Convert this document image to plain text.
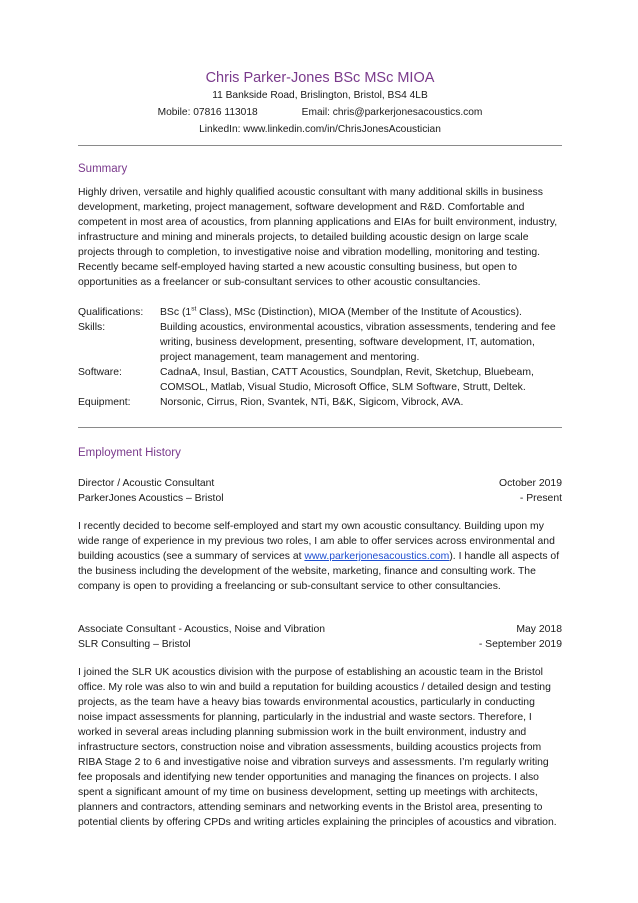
Chris Parker-Jones BSc MSc MIOA
11 Bankside Road, Brislington, Bristol, BS4 4LB
Mobile: 07816 113018	Email: chris@parkerjonesacoustics.com
LinkedIn: www.linkedin.com/in/ChrisJonesAcoustician
Summary
Highly driven, versatile and highly qualified acoustic consultant with many additional skills in business development, marketing, project management, software development and R&D. Comfortable and competent in most area of acoustics, from planning applications and EIAs for built environment, industry, infrastructure and mining and minerals projects, to detailed building acoustic design on large scale projects through to completion, to investigative noise and vibration modelling, monitoring and testing. Recently became self-employed having started a new acoustic consulting business, but open to opportunities as a freelancer or sub-consultant services to other acoustic consultancies.
Qualifications:	BSc (1st Class), MSc (Distinction), MIOA (Member of the Institute of Acoustics).
Skills:	Building acoustics, environmental acoustics, vibration assessments, tendering and fee writing, business development, presenting, software development, IT, automation, project management, team management and mentoring.
Software:	CadnaA, Insul, Bastian, CATT Acoustics, Soundplan, Revit, Sketchup, Bluebeam, COMSOL, Matlab, Visual Studio, Microsoft Office, SLM Software, Strutt, Deltek.
Equipment:	Norsonic, Cirrus, Rion, Svantek, NTi, B&K, Sigicom, Vibrock, AVA.
Employment History
Director / Acoustic Consultant	October 2019
ParkerJones Acoustics – Bristol	- Present
I recently decided to become self-employed and start my own acoustic consultancy. Building upon my wide range of experience in my previous two roles, I am able to offer services across environmental and building acoustics (see a summary of services at www.parkerjonesacoustics.com). I handle all aspects of the business including the development of the website, marketing, finance and consulting work. The company is open to providing a freelancing or sub-consultant service to other consultancies.
Associate Consultant - Acoustics, Noise and Vibration	May 2018
SLR Consulting – Bristol	- September 2019
I joined the SLR UK acoustics division with the purpose of establishing an acoustic team in the Bristol office. My role was also to win and build a reputation for building acoustics / detailed design and testing projects, as the team have a heavy bias towards environmental acoustics, particularly in conducting noise impact assessments for planning, particularly in the industrial and waste sectors. Therefore, I worked in several areas including planning submission work in the built environment, industry and infrastructure sectors, construction noise and vibration assessments, building acoustics projects from RIBA Stage 2 to 6 and investigative noise and vibration surveys and assessments. I’m regularly writing fee proposals and identifying new tender opportunities and managing the finances on projects. I also spent a significant amount of my time on business development, setting up meetings with architects, planners and contractors, attending seminars and networking events in the Bristol area, presenting to potential clients by offering CPDs and writing articles explaining the principles of acoustics and vibration.
